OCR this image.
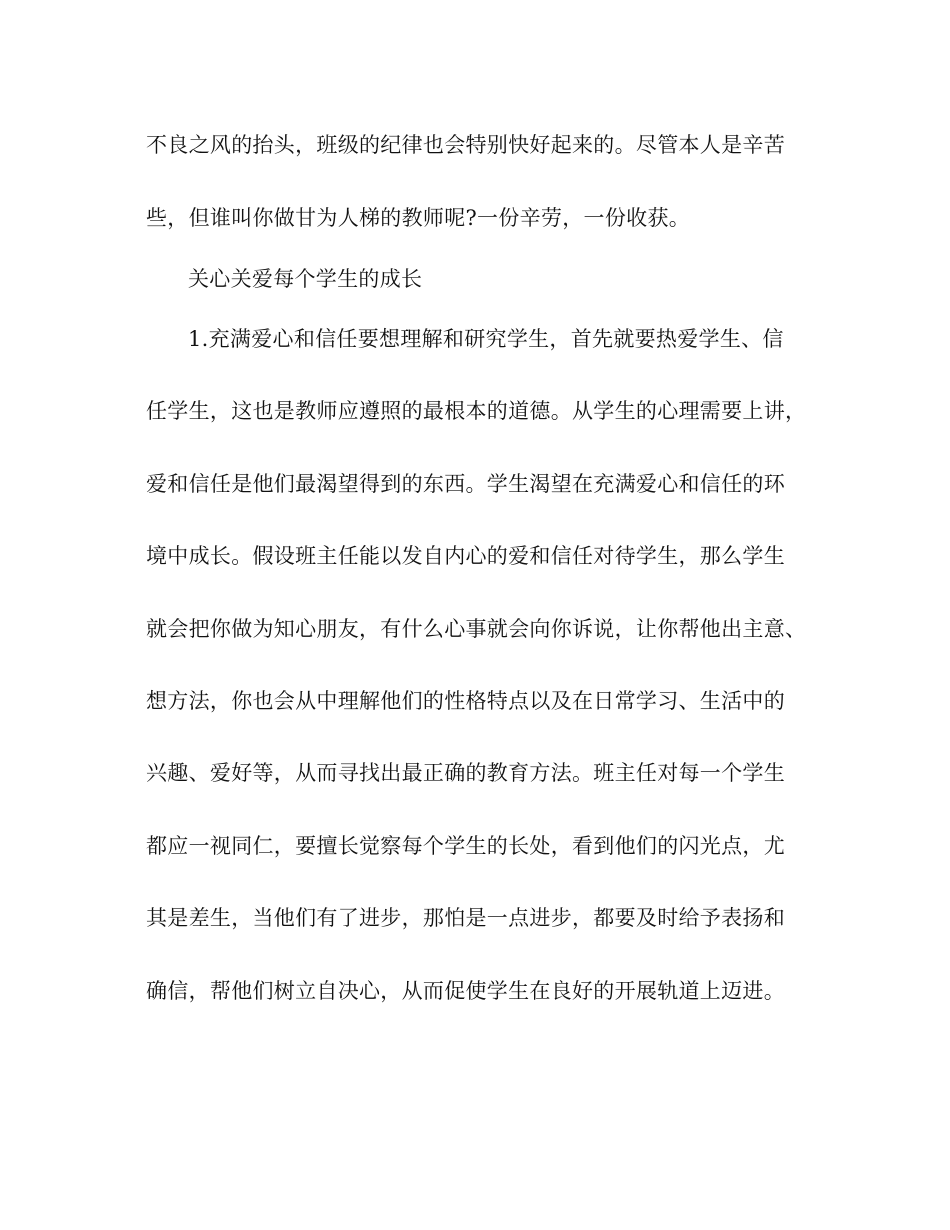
不良之风的抬头，班级的纪律也会特别快好起来的。尽管本人是辛苦
些，但谁叫你做甘为人梯的教师呢?一份辛劳，一份收获。
关心关爱每个学生的成长
1.充满爱心和信任要想理解和研究学生，首先就要热爱学生、信
任学生，这也是教师应遵照的最根本的道德。从学生的心理需要上讲，
爱和信任是他们最渴望得到的东西。学生渴望在充满爱心和信任的环
境中成长。假设班主任能以发自内心的爱和信任对待学生，那么学生
就会把你做为知心朋友，有什么心事就会向你诉说，让你帮他出主意、
想方法，你也会从中理解他们的性格特点以及在日常学习、生活中的
兴趣、爱好等，从而寻找出最正确的教育方法。班主任对每一个学生
都应一视同仁，要擅长觉察每个学生的长处，看到他们的闪光点，尤
其是差生，当他们有了进步，那怕是一点进步，都要及时给予表扬和
确信，帮他们树立自决心，从而促使学生在良好的开展轨道上迈进。
